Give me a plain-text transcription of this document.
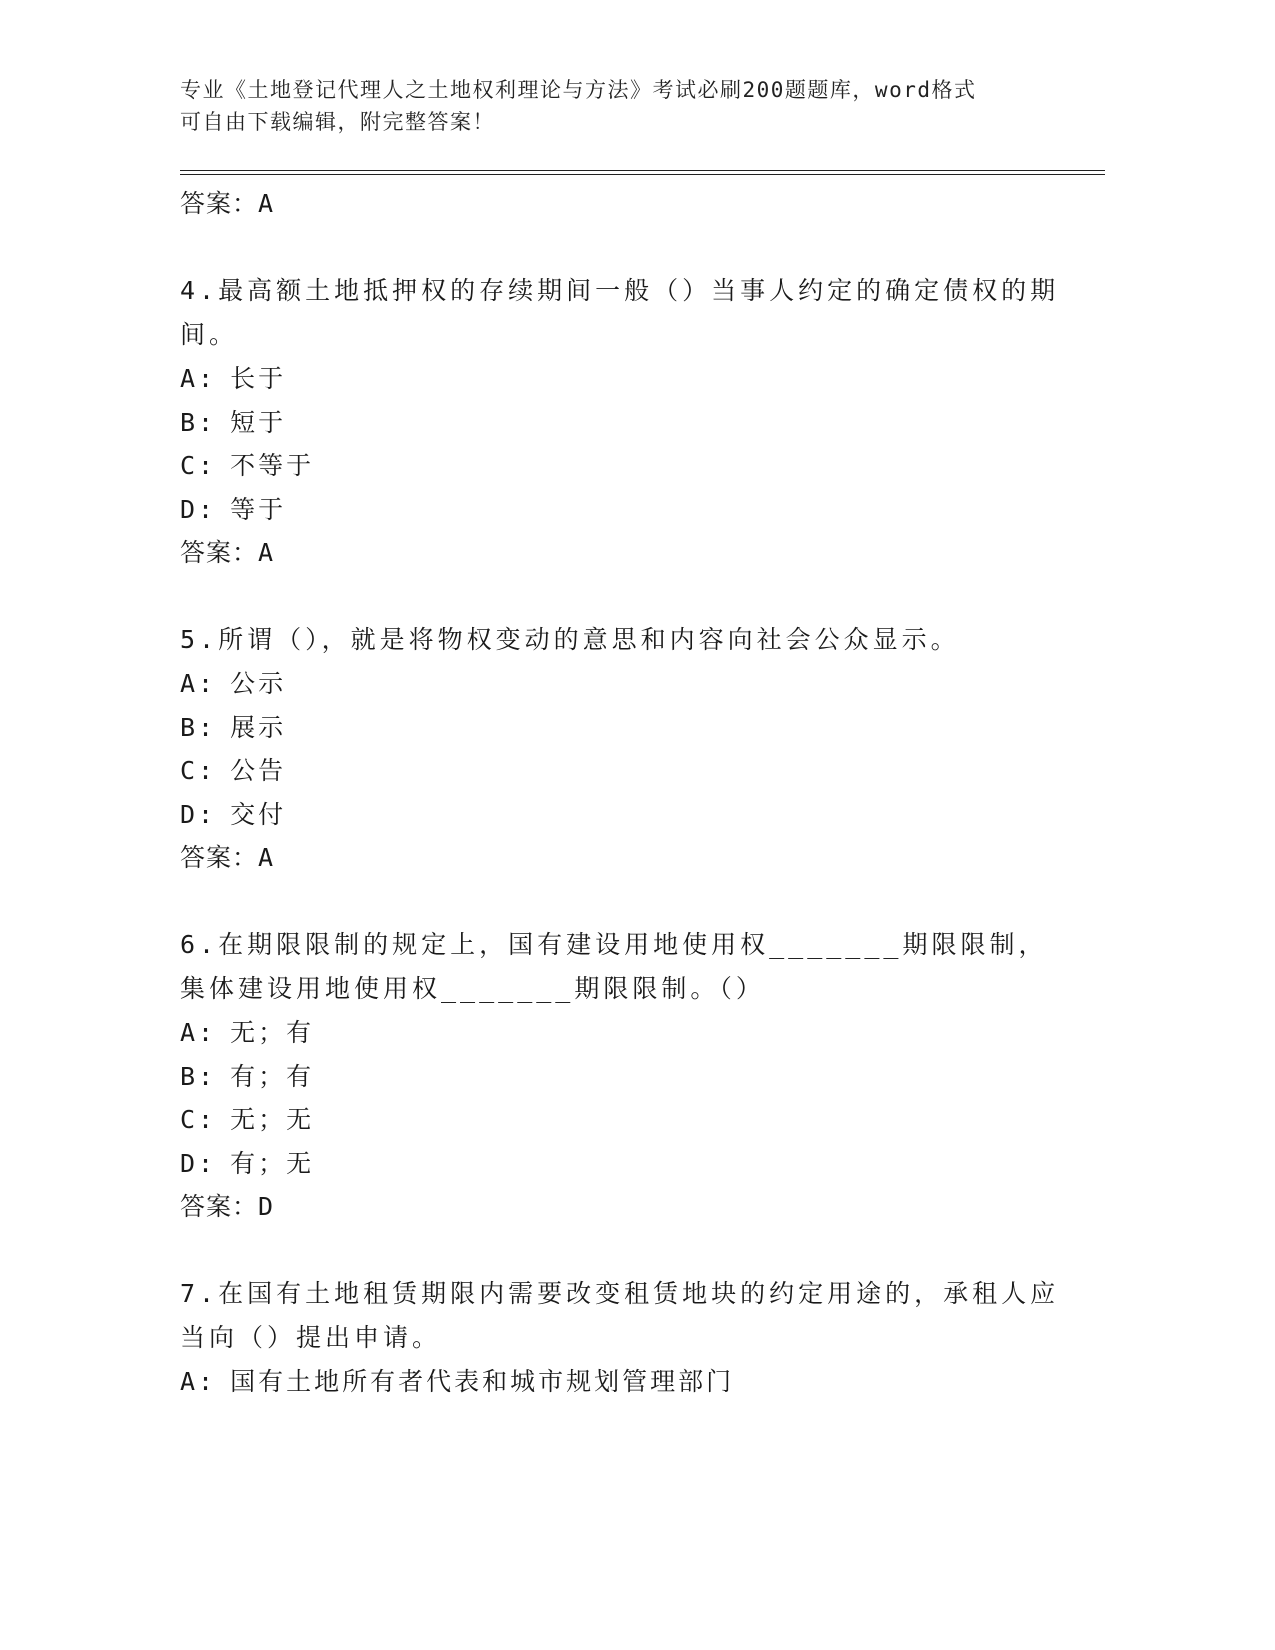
专业《土地登记代理人之土地权利理论与方法》考试必刷200题题库，word格式
可自由下载编辑，附完整答案！
答案：A
4.最高额土地抵押权的存续期间一般（）当事人约定的确定债权的期间。
A: 长于
B: 短于
C: 不等于
D: 等于
答案：A
5.所谓（），就是将物权变动的意思和内容向社会公众显示。
A: 公示
B: 展示
C: 公告
D: 交付
答案：A
6.在期限限制的规定上，国有建设用地使用权_______期限限制，集体建设用地使用权_______期限限制。（）
A: 无；有
B: 有；有
C: 无；无
D: 有；无
答案：D
7.在国有土地租赁期限内需要改变租赁地块的约定用途的，承租人应当向（）提出申请。
A: 国有土地所有者代表和城市规划管理部门
